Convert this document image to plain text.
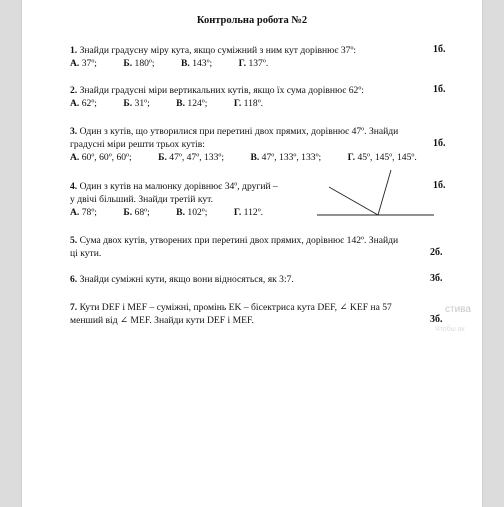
Контрольна робота №2
1. Знайди градусну міру кута, якщо суміжний з ним кут дорівнює 37º:
А. 37º;	Б. 180º;	В. 143º;	Г. 137º.
1б.
2. Знайди градусні міри вертикальних кутів, якщо їх сума дорівнює 62º:
А. 62º;	Б. 31º;	В. 124º;	Г. 118º.
1б.
3. Один з кутів, що утворилися при перетині двох прямих, дорівнює 47º. Знайди
градусні міри решти трьох кутів:
А. 60º, 60º, 60º;	Б. 47º, 47º, 133º;	В. 47º, 133º, 133º;	Г. 45º, 145º, 145º.
1б.
4. Один з кутів на малюнку дорівнює 34º, другий –
у двічі більший. Знайди третій кут.
А. 78º;	Б. 68º;	В. 102º;	Г. 112º.
1б.
5. Сума двох кутів, утворених при перетині двох прямих, дорівнює 142º. Знайди
ці кути.	2б.
6. Знайди суміжні кути, якщо вони відносяться, як 3:7.	3б.
7. Кути DEF і MEF – суміжні, промінь EK – бісектриса кута DEF, ∠ KEF на 57
менший від ∠ MEF. Знайди кути DEF і MEF.	3б.
стива
Чтобы ак
